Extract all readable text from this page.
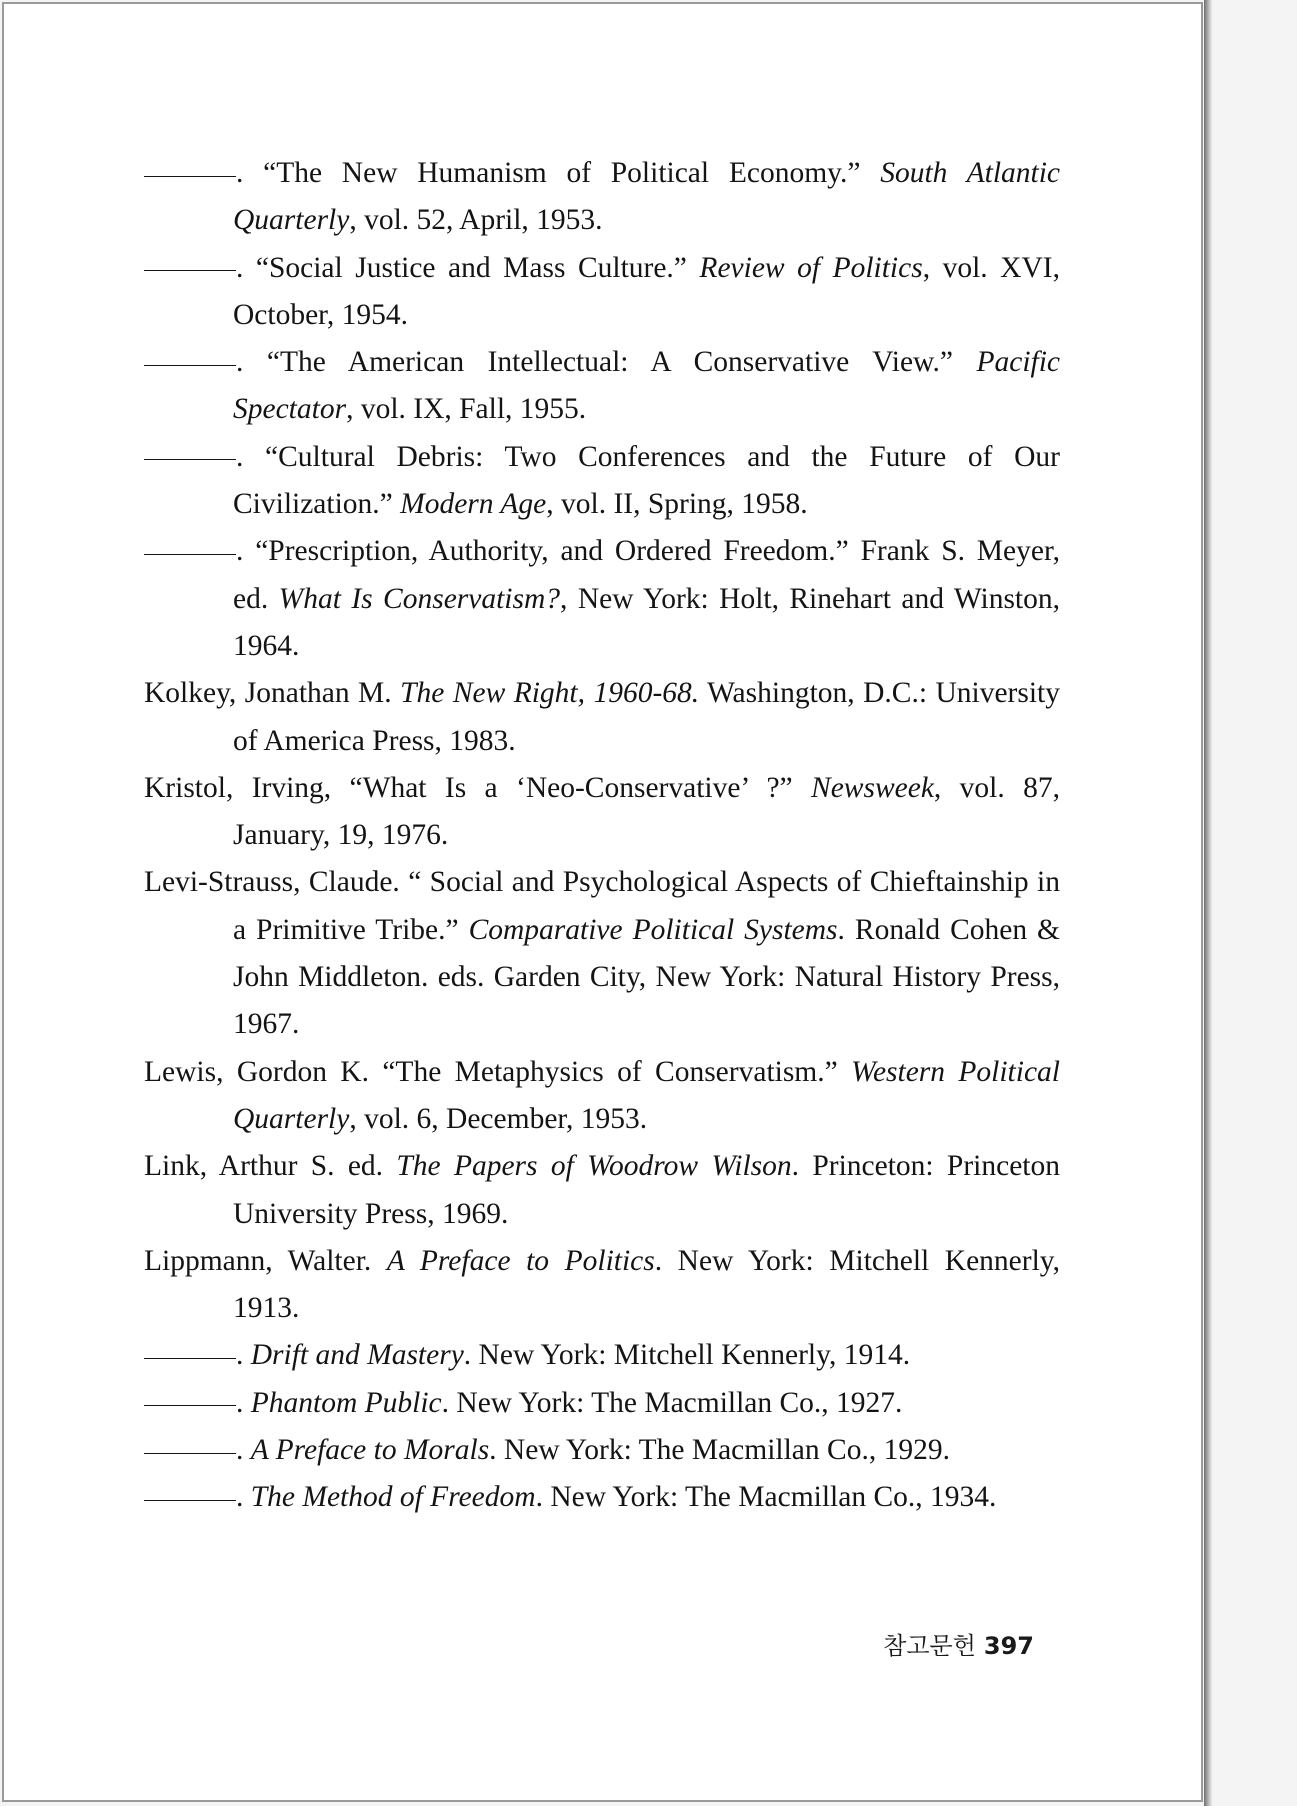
. “The New Humanism of Political Economy.” South Atlantic Quarterly, vol. 52, April, 1953.

. “Social Justice and Mass Culture.” Review of Politics, vol. XVI, October, 1954.

. “The American Intellectual: A Conservative View.” Pacific Spectator, vol. IX, Fall, 1955.

. “Cultural Debris: Two Conferences and the Future of Our Civilization.” Modern Age, vol. II, Spring, 1958.

. “Prescription, Authority, and Ordered Freedom.” Frank S. Meyer, ed. What Is Conservatism?, New York: Holt, Rinehart and Winston, 1964.

Kolkey, Jonathan M. The New Right, 1960-68. Washington, D.C.: University of America Press, 1983.

Kristol, Irving, “What Is a ‘Neo-Conservative’ ?” Newsweek, vol. 87, January, 19, 1976.

Levi-Strauss, Claude. “ Social and Psychological Aspects of Chieftainship in a Primitive Tribe.” Comparative Political Systems. Ronald Cohen & John Middleton. eds. Garden City, New York: Natural History Press, 1967.

Lewis, Gordon K. “The Metaphysics of Conservatism.” Western Political Quarterly, vol. 6, December, 1953.

Link, Arthur S. ed. The Papers of Woodrow Wilson. Princeton: Princeton University Press, 1969.

Lippmann, Walter. A Preface to Politics. New York: Mitchell Kennerly, 1913.

. Drift and Mastery. New York: Mitchell Kennerly, 1914.

. Phantom Public. New York: The Macmillan Co., 1927.

. A Preface to Morals. New York: The Macmillan Co., 1929.

. The Method of Freedom. New York: The Macmillan Co., 1934.

참고문헌 397
